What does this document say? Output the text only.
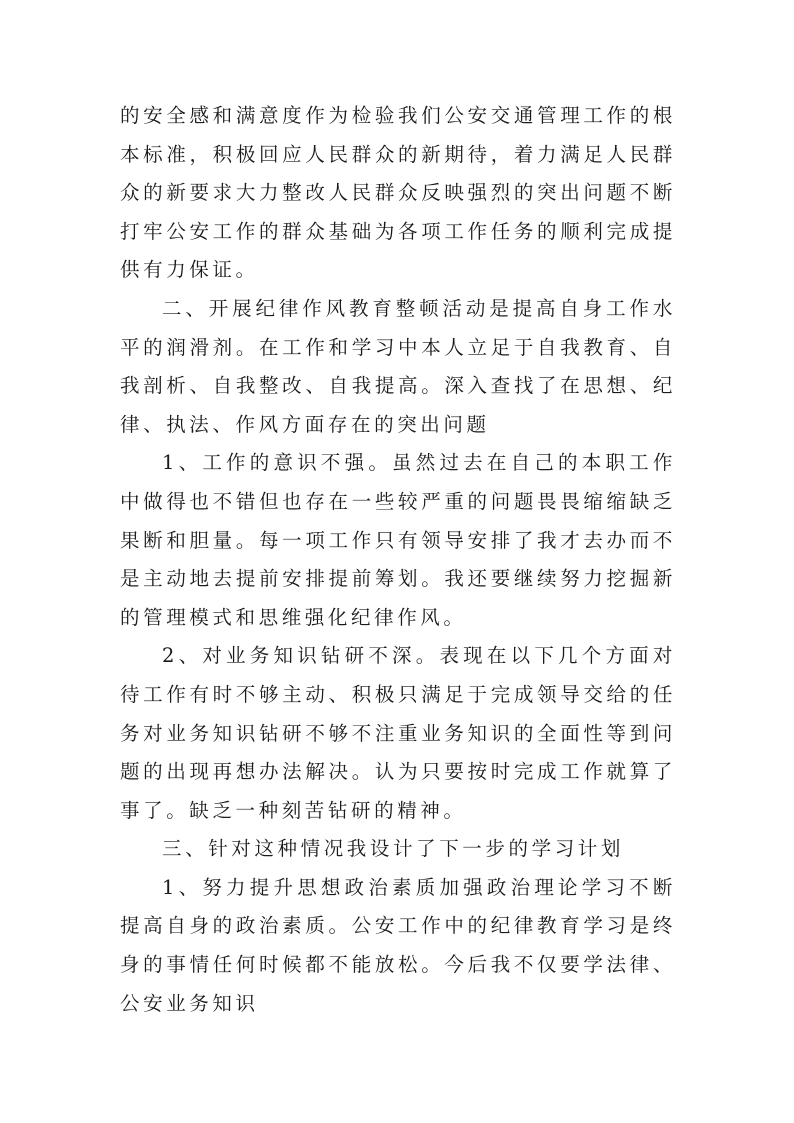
的安全感和满意度作为检验我们公安交通管理工作的根本标准，积极回应人民群众的新期待，着力满足人民群众的新要求大力整改人民群众反映强烈的突出问题不断打牢公安工作的群众基础为各项工作任务的顺利完成提供有力保证。

二、开展纪律作风教育整顿活动是提高自身工作水平的润滑剂。在工作和学习中本人立足于自我教育、自我剖析、自我整改、自我提高。深入查找了在思想、纪律、执法、作风方面存在的突出问题

1、工作的意识不强。虽然过去在自己的本职工作中做得也不错但也存在一些较严重的问题畏畏缩缩缺乏果断和胆量。每一项工作只有领导安排了我才去办而不是主动地去提前安排提前筹划。我还要继续努力挖掘新的管理模式和思维强化纪律作风。

2、对业务知识钻研不深。表现在以下几个方面对待工作有时不够主动、积极只满足于完成领导交给的任务对业务知识钻研不够不注重业务知识的全面性等到问题的出现再想办法解决。认为只要按时完成工作就算了事了。缺乏一种刻苦钻研的精神。

三、针对这种情况我设计了下一步的学习计划

1、努力提升思想政治素质加强政治理论学习不断提高自身的政治素质。公安工作中的纪律教育学习是终身的事情任何时候都不能放松。今后我不仅要学法律、公安业务知识
